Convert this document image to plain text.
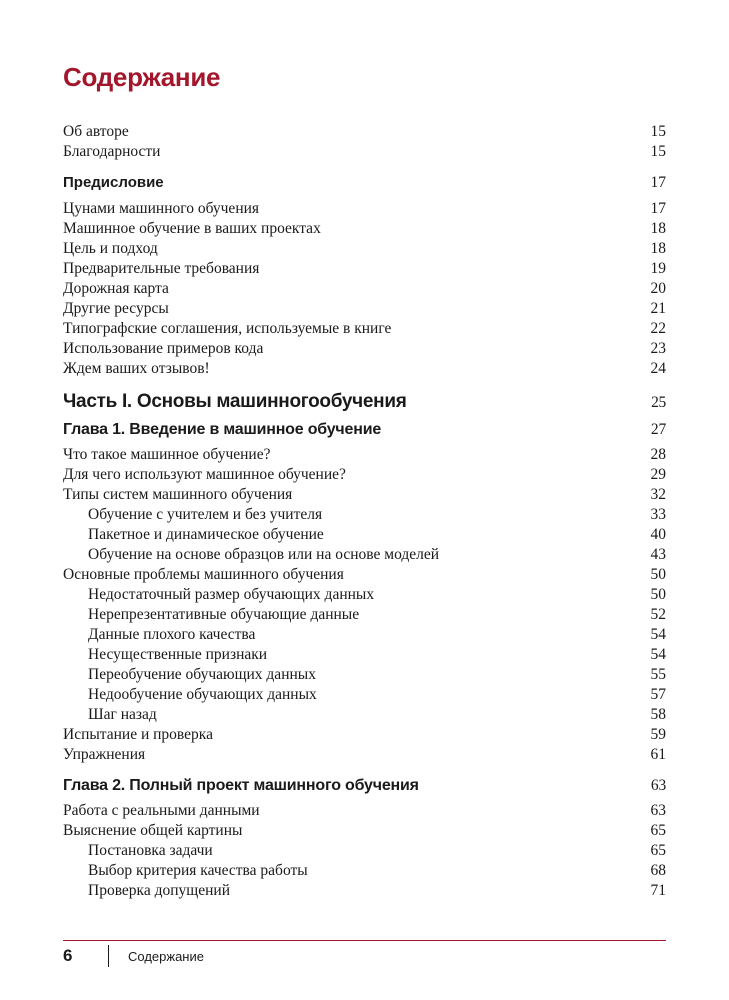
Содержание
Об авторе	15
Благодарности	15
Предисловие	17
Цунами машинного обучения	17
Машинное обучение в ваших проектах	18
Цель и подход	18
Предварительные требования	19
Дорожная карта	20
Другие ресурсы	21
Типографские соглашения, используемые в книге	22
Использование примеров кода	23
Ждем ваших отзывов!	24
Часть I. Основы машинногообучения	25
Глава 1. Введение в машинное обучение	27
Что такое машинное обучение?	28
Для чего используют машинное обучение?	29
Типы систем машинного обучения	32
Обучение с учителем и без учителя	33
Пакетное и динамическое обучение	40
Обучение на основе образцов или на основе моделей	43
Основные проблемы машинного обучения	50
Недостаточный размер обучающих данных	50
Нерепрезентативные обучающие данные	52
Данные плохого качества	54
Несущественные признаки	54
Переобучение обучающих данных	55
Недообучение обучающих данных	57
Шаг назад	58
Испытание и проверка	59
Упражнения	61
Глава 2. Полный проект машинного обучения	63
Работа с реальными данными	63
Выяснение общей картины	65
Постановка задачи	65
Выбор критерия качества работы	68
Проверка допущений	71
6	Содержание
